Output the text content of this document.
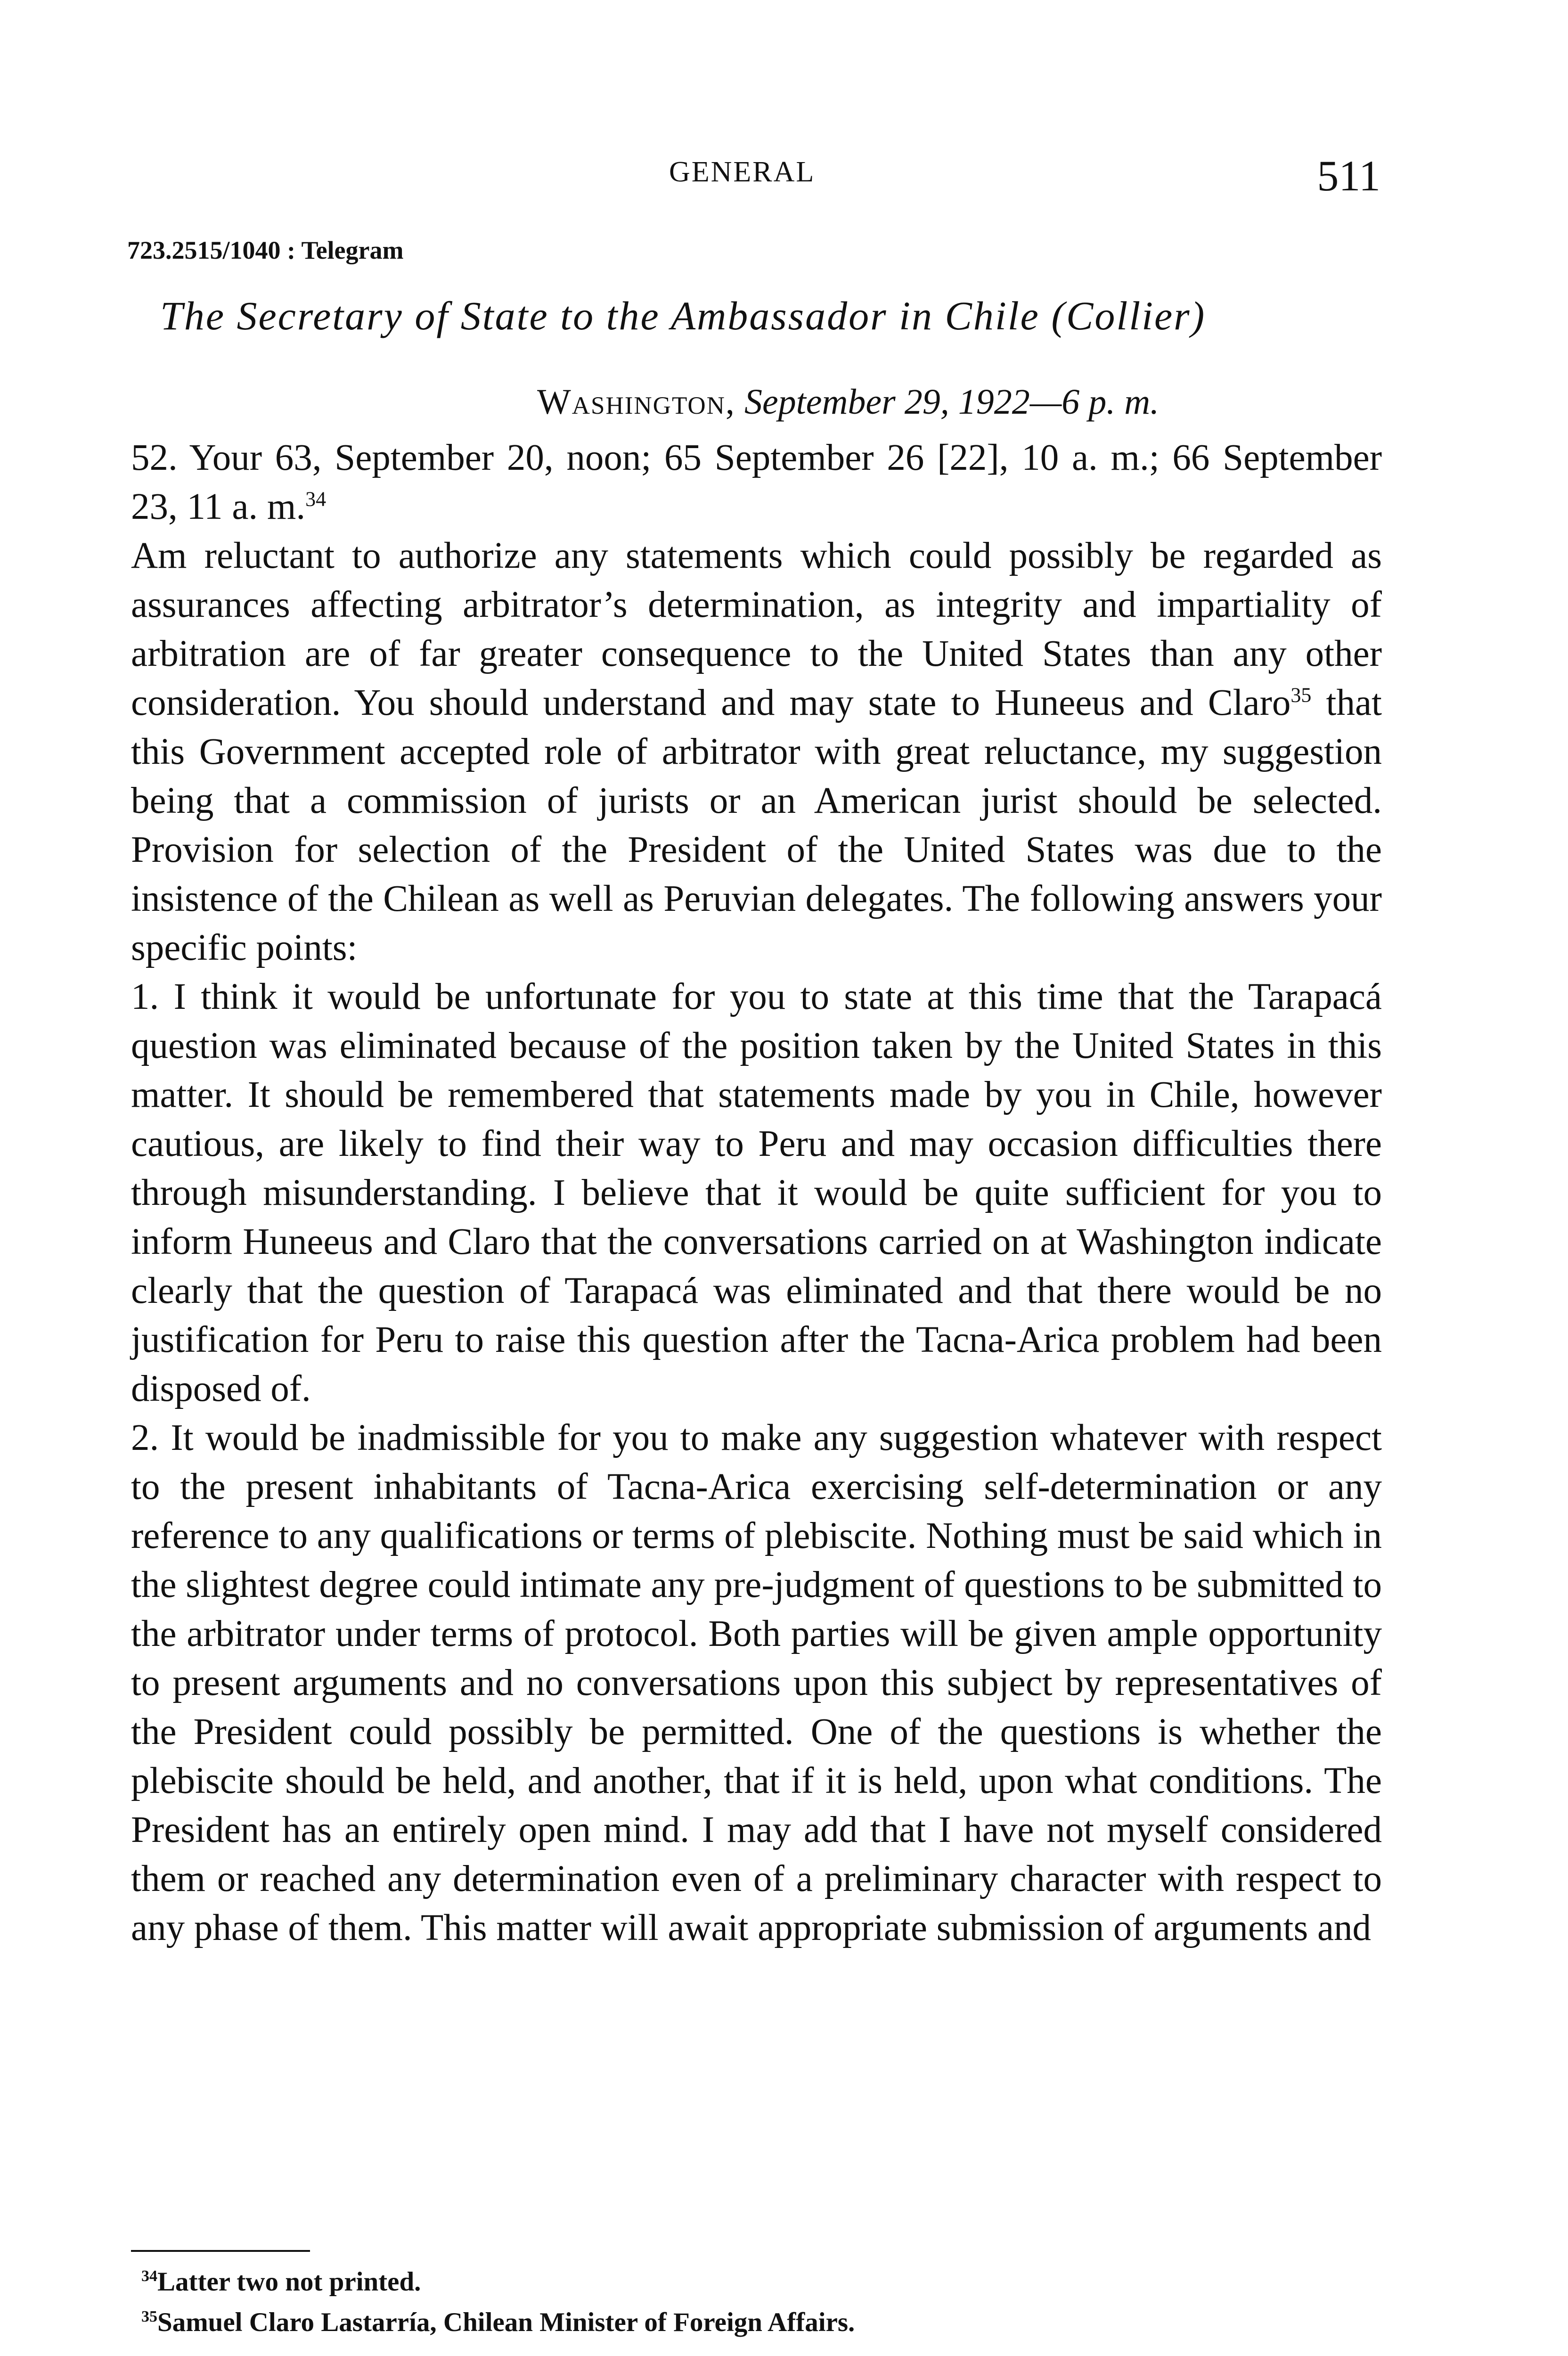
GENERAL	511
723.2515/1040 : Telegram
The Secretary of State to the Ambassador in Chile (Collier)
Washington, September 29, 1922—6 p. m.

52. Your 63, September 20, noon; 65 September 26 [22], 10 a. m.; 66 September 23, 11 a. m.$^{34}$

Am reluctant to authorize any statements which could possibly be regarded as assurances affecting arbitrator’s determination, as integrity and impartiality of arbitration are of far greater consequence to the United States than any other consideration. You should understand and may state to Huneeus and Claro$^{35}$ that this Government accepted role of arbitrator with great reluctance, my suggestion being that a commission of jurists or an American jurist should be selected. Provision for selection of the President of the United States was due to the insistence of the Chilean as well as Peruvian delegates. The following answers your specific points:

1. I think it would be unfortunate for you to state at this time that the Tarapacá question was eliminated because of the position taken by the United States in this matter. It should be remembered that statements made by you in Chile, however cautious, are likely to find their way to Peru and may occasion difficulties there through misunderstanding. I believe that it would be quite sufficient for you to inform Huneeus and Claro that the conversations carried on at Washington indicate clearly that the question of Tarapacá was eliminated and that there would be no justification for Peru to raise this question after the Tacna-Arica problem had been disposed of.

2. It would be inadmissible for you to make any suggestion whatever with respect to the present inhabitants of Tacna-Arica exercising self-determination or any reference to any qualifications or terms of plebiscite. Nothing must be said which in the slightest degree could intimate any pre-judgment of questions to be submitted to the arbitrator under terms of protocol. Both parties will be given ample opportunity to present arguments and no conversations upon this subject by representatives of the President could possibly be permitted. One of the questions is whether the plebiscite should be held, and another, that if it is held, upon what conditions. The President has an entirely open mind. I may add that I have not myself considered them or reached any determination even of a preliminary character with respect to any phase of them. This matter will await appropriate submission of arguments and

$^{34}$Latter two not printed.
$^{35}$Samuel Claro Lastarría, Chilean Minister of Foreign Affairs.
